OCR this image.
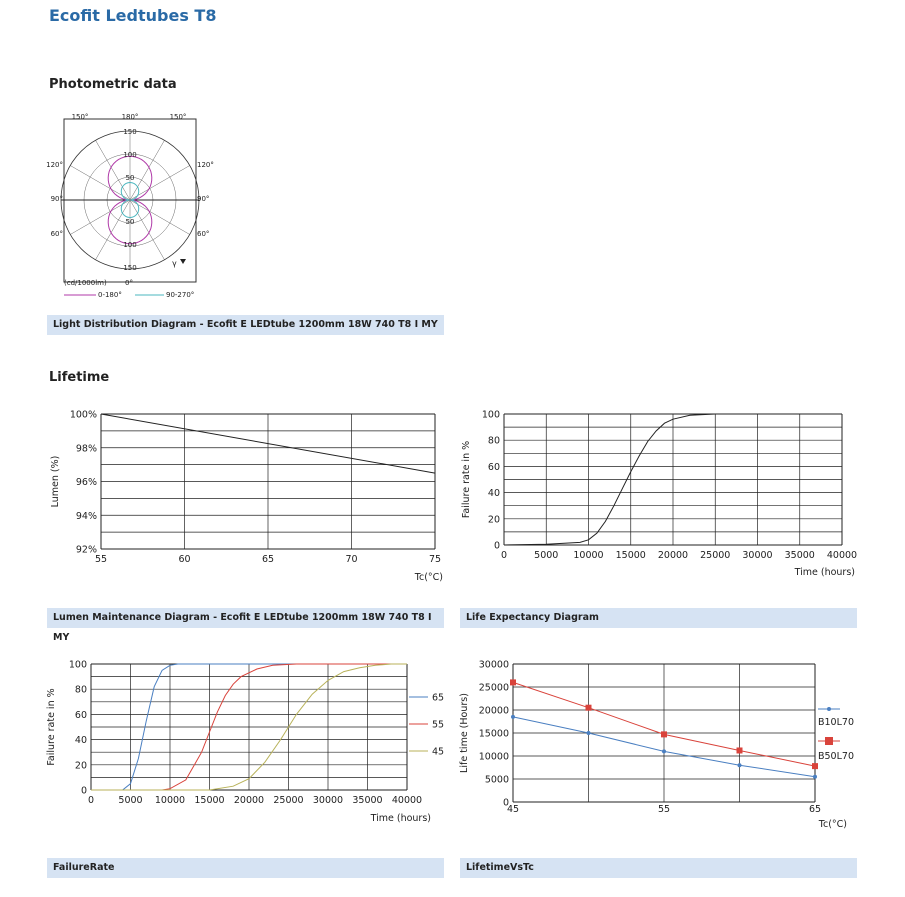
Ecofit Ledtubes T8
Photometric data
150°	180°	150°
120°	120°
90°	90°
60°	60°
150
100
50
50
100
150	γ
(cd/1000lm)	0°
0-180°	90-270°
Light Distribution Diagram - Ecofit E LEDtube 1200mm 18W 740 T8 I MY
Lifetime
100%
98%
96%
94%
92%
55	60	65	70	75
Tc(°C)
Lumen (%)
Lumen Maintenance Diagram - Ecofit E LEDtube 1200mm 18W 740 T8 I MY
100
80
60
40
20
0
0	5000 10000 15000 20000 25000 30000 35000 40000
Time (hours)
Failure rate in %
Life Expectancy Diagram
100
80
60
40
20
0
0	5000 10000 15000 20000 25000 30000 35000 40000
Time (hours)
Failure rate in %	65
55
45
FailureRate
30000
25000
20000
15000
10000
5000
0
45	55	65
Tc(°C)
Life time (Hours)	B10L70
B50L70
LifetimeVsTc
